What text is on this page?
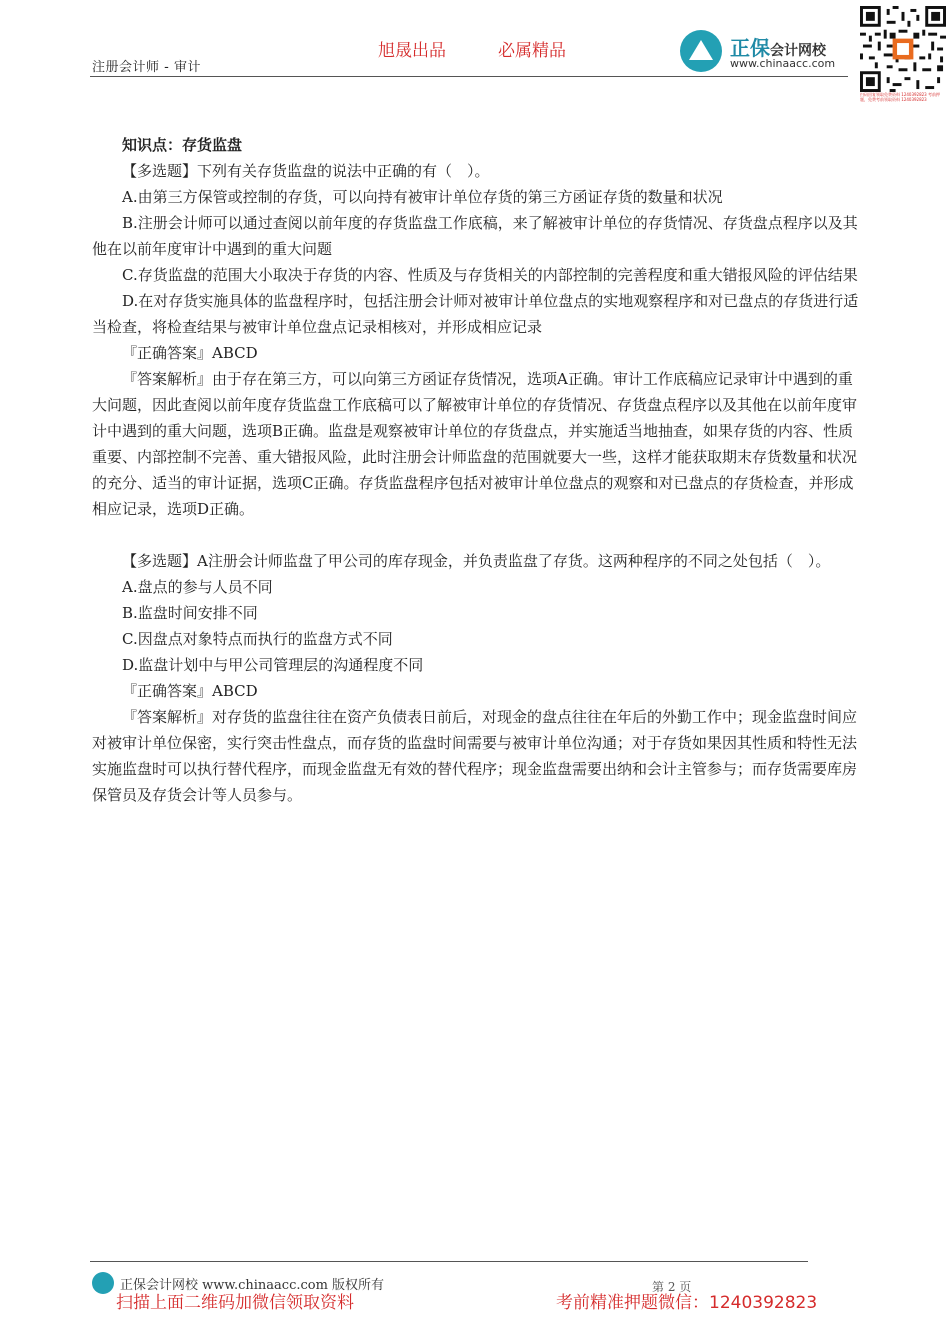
注册会计师 - 审计
旭晟出品	必属精品	正保会计网校
www.chinaacc.com
扫码回复领取免费资料 1240392823 考前押题，免费考前领取资料 1240392823

知识点：存货监盘

【多选题】下列有关存货监盘的说法中正确的有（　）。

A.由第三方保管或控制的存货，可以向持有被审计单位存货的第三方函证存货的数量和状况

B.注册会计师可以通过查阅以前年度的存货监盘工作底稿，来了解被审计单位的存货情况、存货盘点程序以及其他在以前年度审计中遇到的重大问题

C.存货监盘的范围大小取决于存货的内容、性质及与存货相关的内部控制的完善程度和重大错报风险的评估结果

D.在对存货实施具体的监盘程序时，包括注册会计师对被审计单位盘点的实地观察程序和对已盘点的存货进行适当检查，将检查结果与被审计单位盘点记录相核对，并形成相应记录

『正确答案』ABCD

『答案解析』由于存在第三方，可以向第三方函证存货情况，选项A正确。审计工作底稿应记录审计中遇到的重大问题，因此查阅以前年度存货监盘工作底稿可以了解被审计单位的存货情况、存货盘点程序以及其他在以前年度审计中遇到的重大问题，选项B正确。监盘是观察被审计单位的存货盘点，并实施适当地抽查，如果存货的内容、性质重要、内部控制不完善、重大错报风险，此时注册会计师监盘的范围就要大一些，这样才能获取期末存货数量和状况的充分、适当的审计证据，选项C正确。存货监盘程序包括对被审计单位盘点的观察和对已盘点的存货检查，并形成相应记录，选项D正确。

【多选题】A注册会计师监盘了甲公司的库存现金，并负责监盘了存货。这两种程序的不同之处包括（　）。

A.盘点的参与人员不同

B.监盘时间安排不同

C.因盘点对象特点而执行的监盘方式不同

D.监盘计划中与甲公司管理层的沟通程度不同

『正确答案』ABCD

『答案解析』对存货的监盘往往在资产负债表日前后，对现金的盘点往往在年后的外勤工作中；现金监盘时间应对被审计单位保密，实行突击性盘点，而存货的监盘时间需要与被审计单位沟通；对于存货如果因其性质和特性无法实施监盘时可以执行替代程序，而现金监盘无有效的替代程序；现金监盘需要出纳和会计主管参与；而存货需要库房保管员及存货会计等人员参与。

正保会计网校 www.chinaacc.com 版权所有	第 2 页
扫描上面二维码加微信领取资料	考前精准押题微信：1240392823
